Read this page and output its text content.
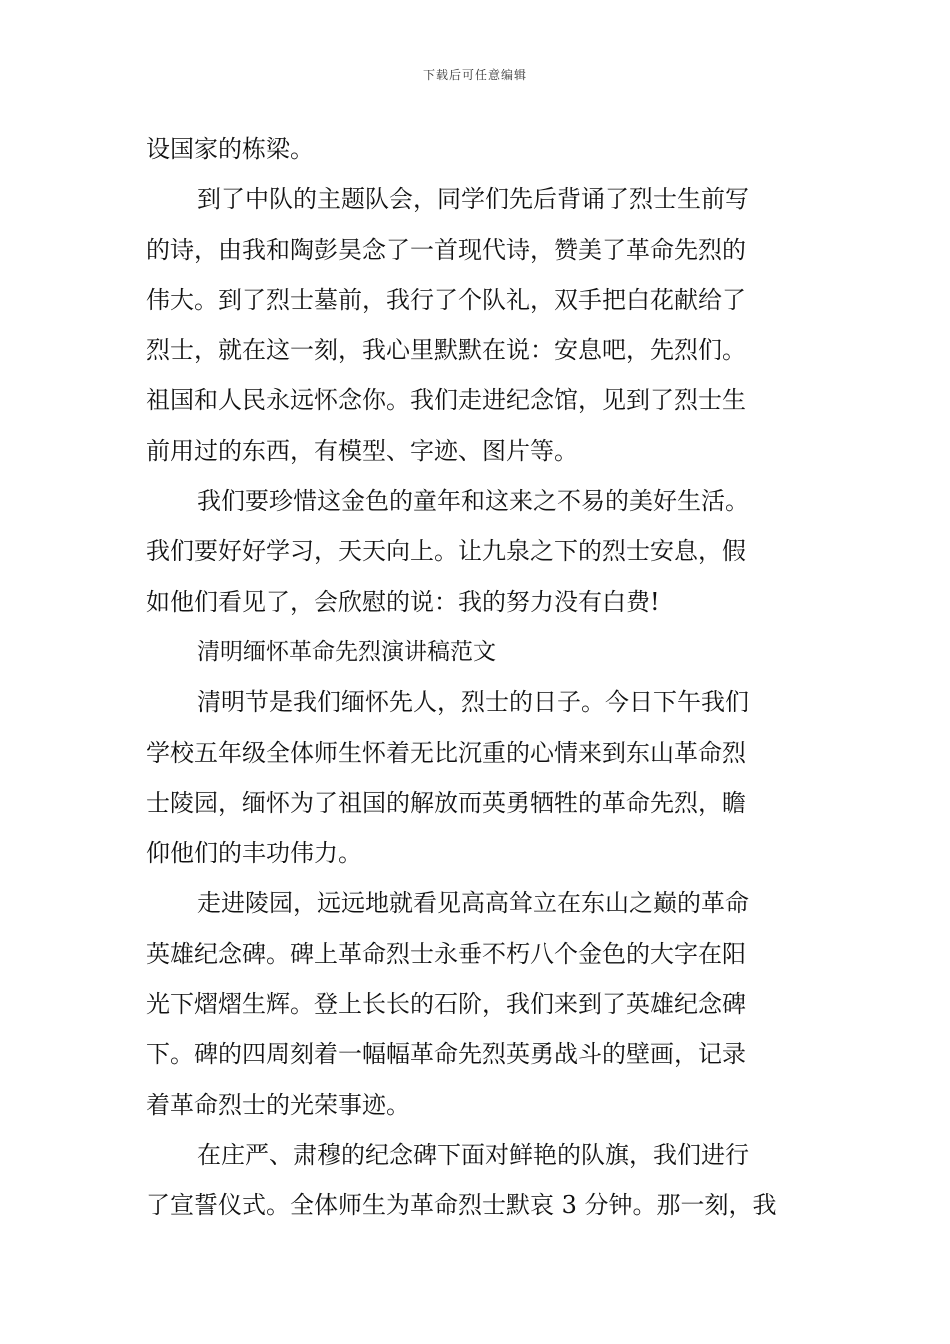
下载后可任意编辑
设国家的栋梁。
到了中队的主题队会，同学们先后背诵了烈士生前写
的诗，由我和陶彭昊念了一首现代诗，赞美了革命先烈的
伟大。到了烈士墓前，我行了个队礼，双手把白花献给了
烈士，就在这一刻，我心里默默在说：安息吧，先烈们。
祖国和人民永远怀念你。我们走进纪念馆，见到了烈士生
前用过的东西，有模型、字迹、图片等。
我们要珍惜这金色的童年和这来之不易的美好生活。
我们要好好学习，天天向上。让九泉之下的烈士安息，假
如他们看见了，会欣慰的说：我的努力没有白费!
清明缅怀革命先烈演讲稿范文
清明节是我们缅怀先人，烈士的日子。今日下午我们
学校五年级全体师生怀着无比沉重的心情来到东山革命烈
士陵园，缅怀为了祖国的解放而英勇牺牲的革命先烈，瞻
仰他们的丰功伟力。
走进陵园，远远地就看见高高耸立在东山之巅的革命
英雄纪念碑。碑上革命烈士永垂不朽八个金色的大字在阳
光下熠熠生辉。登上长长的石阶，我们来到了英雄纪念碑
下。碑的四周刻着一幅幅革命先烈英勇战斗的壁画，记录
着革命烈士的光荣事迹。
在庄严、肃穆的纪念碑下面对鲜艳的队旗，我们进行
了宣誓仪式。全体师生为革命烈士默哀 3 分钟。那一刻，我
